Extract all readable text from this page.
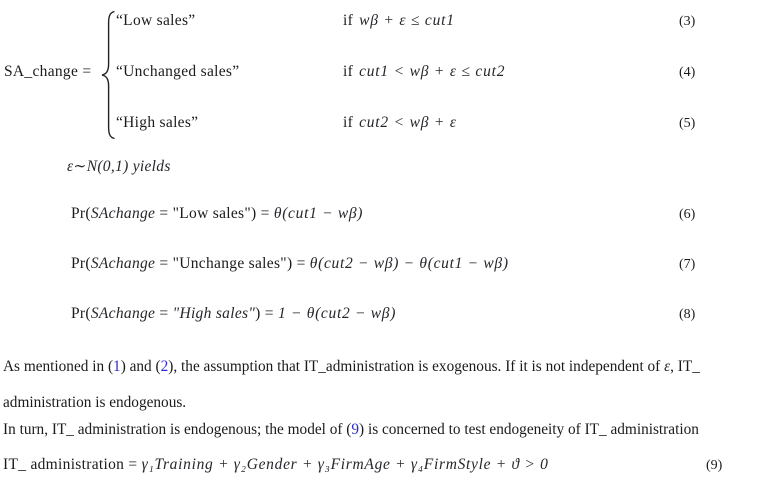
SA_change =
“Low sales”	if wβ + ε ≤ cut1	(3)
“Unchanged sales”	if cut1 < wβ + ε ≤ cut2	(4)
“High sales”	if cut2 < wβ + ε	(5)
ε∼N(0,1) yields
Pr(SAchange = "Low sales") = θ(cut1 − wβ)	(6)
Pr(SAchange = "Unchange sales") = θ(cut2 − wβ) − θ(cut1 − wβ)	(7)
Pr(SAchange = "High sales") = 1 − θ(cut2 − wβ)	(8)
As mentioned in (1) and (2), the assumption that IT_administration is exogenous. If it is not independent of ε, IT_
administration is endogenous.
In turn, IT_ administration is endogenous; the model of (9) is concerned to test endogeneity of IT_ administration
IT_ administration = γ₁Training + γ₂Gender + γ₃FirmAge + γ₄FirmStyle + ϑ > 0	(9)
